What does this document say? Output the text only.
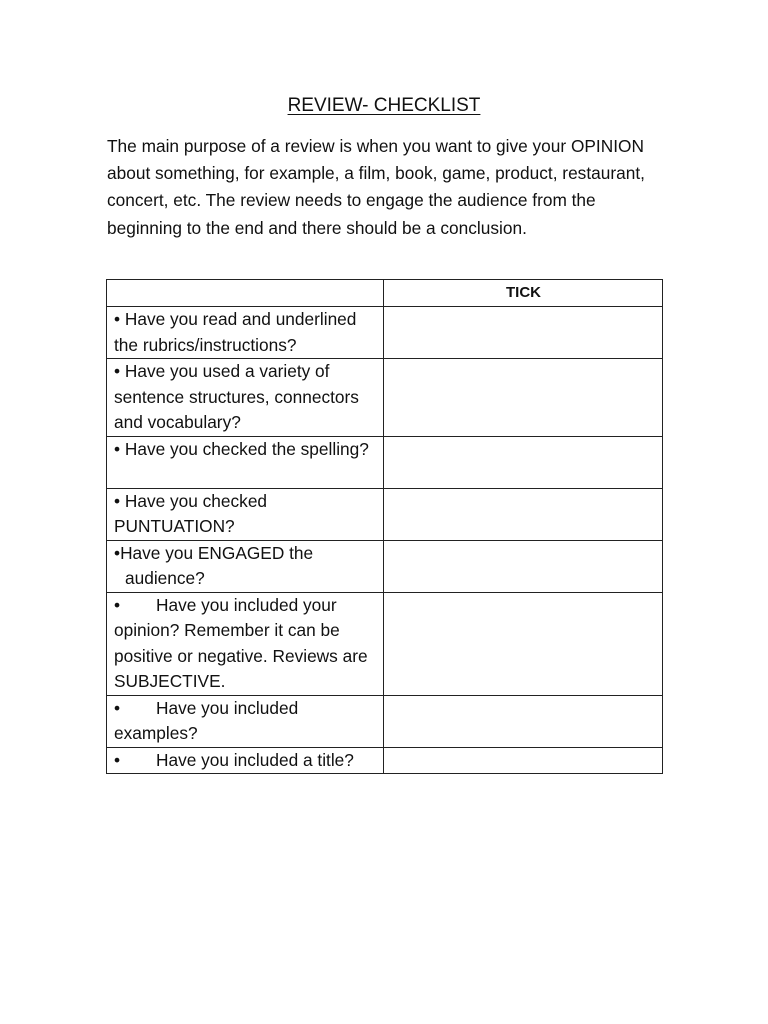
REVIEW- CHECKLIST

The main purpose of a review is when you want to give your OPINION about something, for example, a film, book, game, product, restaurant, concert, etc. The review needs to engage the audience from the beginning to the end and there should be a conclusion.

	TICK
• Have you read and underlined the rubrics/instructions?	
• Have you used a variety of sentence structures, connectors and vocabulary?	
• Have you checked the spelling?	
• Have you checked PUNTUATION?	
•Have you ENGAGED the
audience?	

• Have you included your opinion? Remember it can be positive or negative. Reviews are SUBJECTIVE.	
• Have you included examples?	
• Have you included a title?	
